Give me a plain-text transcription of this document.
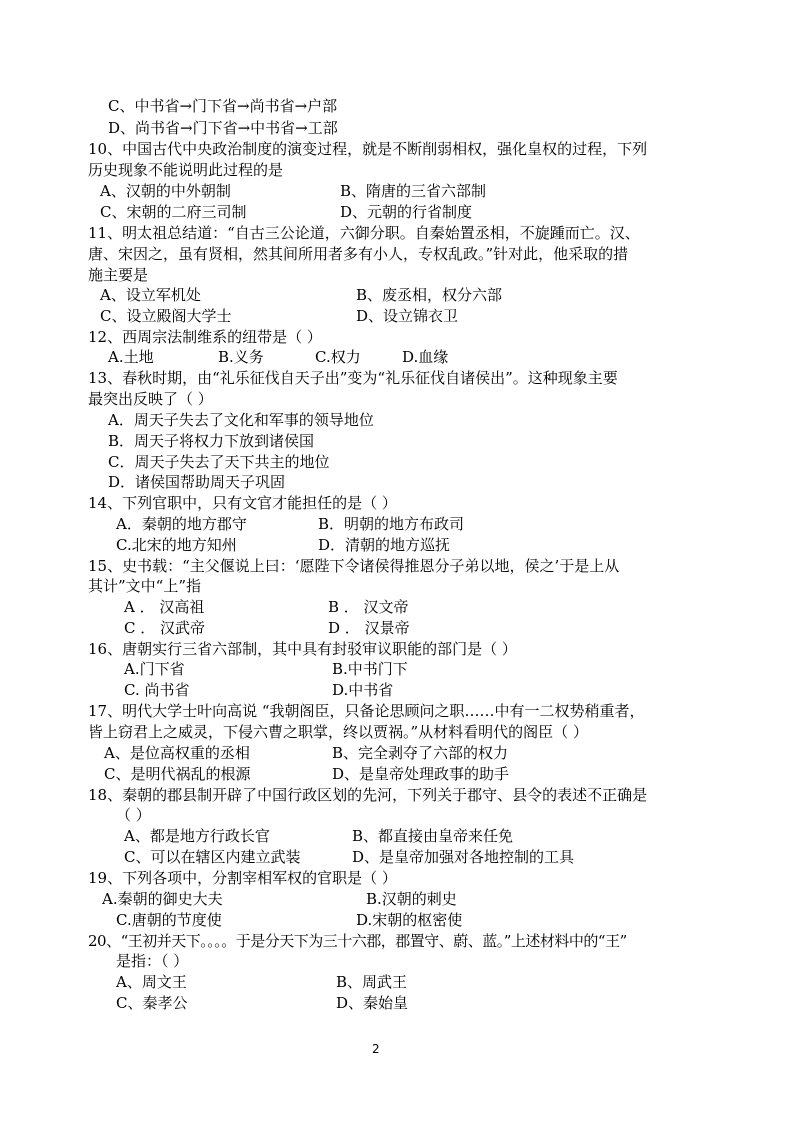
C、中书省→门下省→尚书省→户部
D、尚书省→门下省→中书省→工部
10、中国古代中央政治制度的演变过程，就是不断削弱相权，强化皇权的过程，下列
历史现象不能说明此过程的是
A、汉朝的中外朝制	B、隋唐的三省六部制
C、宋朝的二府三司制	D、元朝的行省制度
11、明太祖总结道：“自古三公论道，六御分职。自秦始置丞相，不旋踵而亡。汉、
唐、宋因之，虽有贤相，然其间所用者多有小人，专权乱政。”针对此，他采取的措
施主要是
A、设立军机处	B、废丞相，权分六部
C、设立殿阁大学士	D、设立锦衣卫
12、西周宗法制维系的纽带是（ ）
A.土地	B.义务	C.权力	D.血缘
13、春秋时期，由“礼乐征伐自天子出”变为“礼乐征伐自诸侯出”。这种现象主要
最突出反映了（ ）
A．周天子失去了文化和军事的领导地位
B．周天子将权力下放到诸侯国
C．周天子失去了天下共主的地位
D．诸侯国帮助周天子巩固
14、下列官职中，只有文官才能担任的是（ ）
A．秦朝的地方郡守	B．明朝的地方布政司
C.北宋的地方知州	D．清朝的地方巡抚
15、史书载：“主父偃说上曰：‘愿陛下令诸侯得推恩分子弟以地，侯之’于是上从
其计”文中“上”指
A ． 汉高祖	B ． 汉文帝
C ． 汉武帝	D ． 汉景帝
16、唐朝实行三省六部制，其中具有封驳审议职能的部门是（ ）
A.门下省	B.中书门下
C. 尚书省	D.中书省
17、明代大学士叶向高说 “我朝阁臣，只备论思顾问之职……中有一二权势稍重者，
皆上窃君上之威灵，下侵六曹之职掌，终以贾祸。”从材料看明代的阁臣（ ）
A、是位高权重的丞相	B、完全剥夺了六部的权力
C、是明代祸乱的根源	D、是皇帝处理政事的助手
18、秦朝的郡县制开辟了中国行政区划的先河，下列关于郡守、县令的表述不正确是
（ ）
A、都是地方行政长官	B、都直接由皇帝来任免
C、可以在辖区内建立武装	D、是皇帝加强对各地控制的工具
19、下列各项中，分割宰相军权的官职是（ ）
A.秦朝的御史大夫	B.汉朝的刺史
C.唐朝的节度使	D.宋朝的枢密使
20、“王初并天下。。。。于是分天下为三十六郡，郡置守、蔚、蓝。”上述材料中的“王”
是指：（ ）
A、周文王	B、周武王
C、秦孝公	D、秦始皇
2
